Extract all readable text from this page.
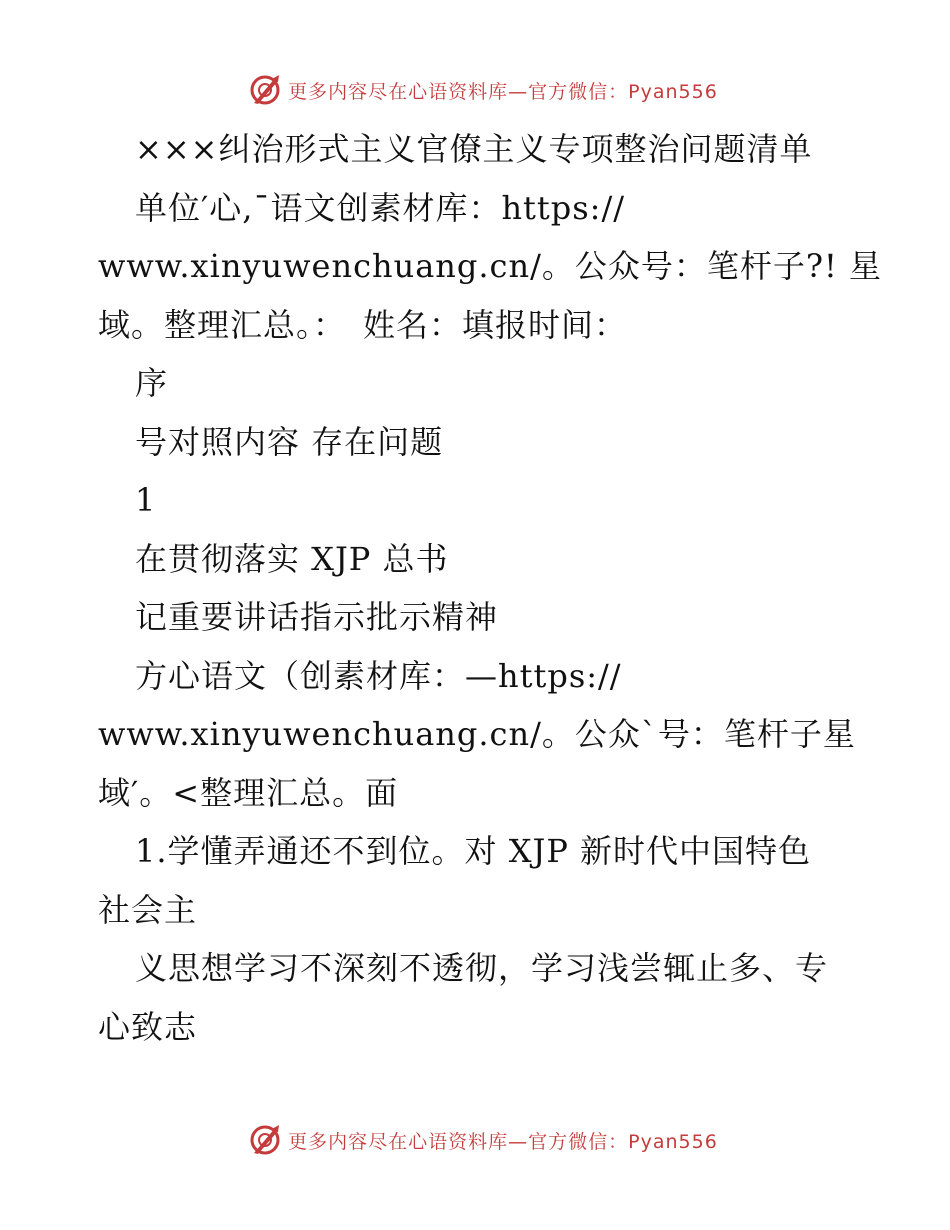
更多内容尽在心语资料库—官方微信：Pyan556
×××纠治形式主义官僚主义专项整治问题清单
单位′心,¯语文创素材库：https://
www.xinyuwenchuang.cn/。公众号：笔杆子?! 星
域。整理汇总。：　姓名：填报时间：
序
号对照内容 存在问题
1
在贯彻落实 XJP 总书
记重要讲话指示批示精神
方心语文（创素材库：—https://
www.xinyuwenchuang.cn/。公众`号：笔杆子星
域′。<整理汇总。面
1.学懂弄通还不到位。对 XJP 新时代中国特色
社会主
义思想学习不深刻不透彻，学习浅尝辄止多、专
心致志
更多内容尽在心语资料库—官方微信：Pyan556
